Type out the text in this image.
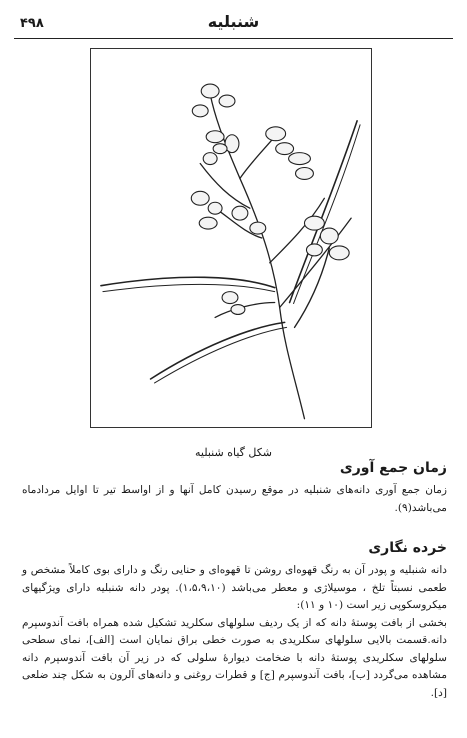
۴۹۸	شنبلیه
شکل گیاه شنبلیه
زمان جمع آوری

زمان جمع آوری دانه‌های شنبلیه در موقع رسیدن کامل آنها و از اواسط تیر تا اوایل مردادماه می‌باشد(۹).

خرده نگاری

دانه شنبلیه و پودر آن به رنگ قهوه‌ای روشن تا قهوه‌ای و حنایی رنگ و دارای بوی کاملاً مشخص و طعمی نسبتاً تلخ ، موسیلاژی و معطر می‌باشد (۱،۵،۹،۱۰). پودر دانه شنبلیه دارای ویژگیهای میکروسکوپی زیر است (۱۰ و ۱۱):

بخشی از بافت پوستهٔ دانه که از یک ردیف سلولهای سکلرید تشکیل شده همراه بافت آندوسپرم دانه.قسمت بالایی سلولهای سکلریدی به صورت خطی براق نمایان است [الف]، نمای سطحی سلولهای سکلریدی پوستهٔ دانه با ضخامت دیوارهٔ سلولی که در زیر آن بافت آندوسپرم دانه مشاهده می‌گردد [ب]، بافت آندوسپرم [ج] و قطرات روغنی و دانه‌های آلرون به شکل چند ضلعی [د].
